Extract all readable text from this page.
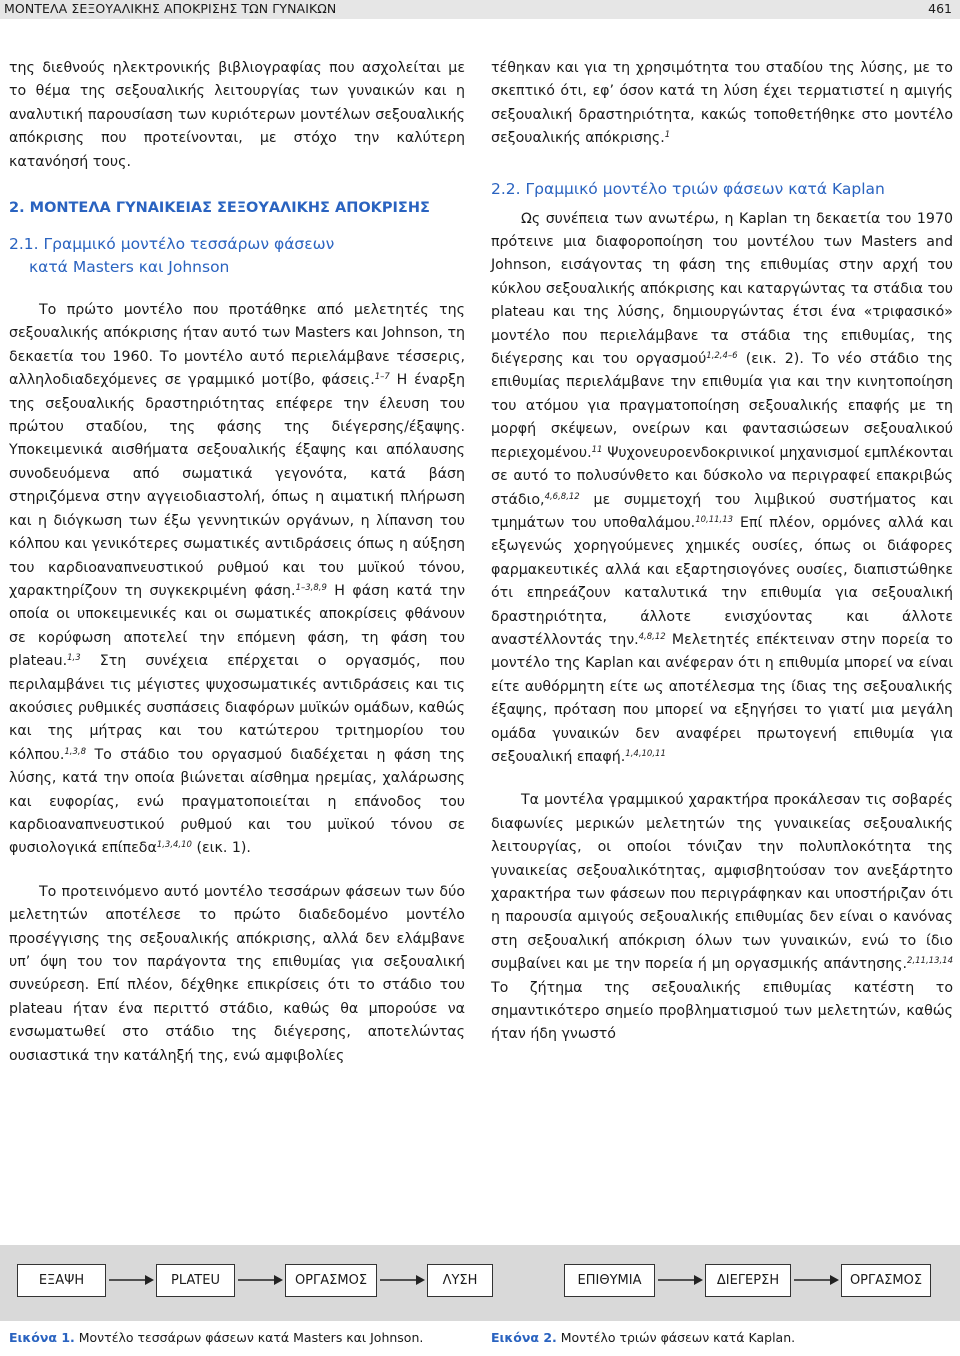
ΜΟΝΤΕΛΑ ΣΕΞΟΥΑΛΙΚΗΣ ΑΠΟΚΡΙΣΗΣ ΤΩΝ ΓΥΝΑΙΚΩΝ	461

της διεθνούς ηλεκτρονικής βιβλιογραφίας που ασχολείται με το θέμα της σεξουαλικής λειτουργίας των γυναικών και η αναλυτική παρουσίαση των κυριότερων μοντέλων σεξουαλικής απόκρισης που προτείνονται, με στόχο την καλύτερη κατανόησή τους.

2. ΜΟΝΤΕΛΑ ΓΥΝΑΙΚΕΙΑΣ ΣΕΞΟΥΑΛΙΚΗΣ ΑΠΟΚΡΙΣΗΣ

2.1. Γραμμικό μοντέλο τεσσάρων φάσεων
κατά Masters και Johnson

Το πρώτο μοντέλο που προτάθηκε από μελετητές της σεξουαλικής απόκρισης ήταν αυτό των Masters και Johnson, τη δεκαετία του 1960. Το μοντέλο αυτό περιελάμβανε τέσσερις, αλληλοδιαδεχόμενες σε γραμμικό μοτίβο, φάσεις.$^{1-7}$ Η έναρξη της σεξουαλικής δραστηριότητας επέφερε την έλευση του πρώτου σταδίου, της φάσης της διέγερσης/έξαψης. Υποκειμενικά αισθήματα σεξουαλικής έξαψης και απόλαυσης συνοδευόμενα από σωματικά γεγονότα, κατά βάση στηριζόμενα στην αγγειοδιαστολή, όπως η αιματική πλήρωση και η διόγκωση των έξω γεννητικών οργάνων, η λίπανση του κόλπου και γενικότερες σωματικές αντιδράσεις όπως η αύξηση του καρδιοαναπνευστικού ρυθμού και του μυϊκού τόνου, χαρακτηρίζουν τη συγκεκριμένη φάση.$^{1-3,8,9}$ Η φάση κατά την οποία οι υποκειμενικές και οι σωματικές αποκρίσεις φθάνουν σε κορύφωση αποτελεί την επόμενη φάση, τη φάση του plateau.$^{1,3}$ Στη συνέχεια επέρχεται ο οργασμός, που περιλαμβάνει τις μέγιστες ψυχοσωματικές αντιδράσεις και τις ακούσιες ρυθμικές συσπάσεις διαφόρων μυϊκών ομάδων, καθώς και της μήτρας και του κατώτερου τριτημορίου του κόλπου.$^{1,3,8}$ Το στάδιο του οργασμού διαδέχεται η φάση της λύσης, κατά την οποία βιώνεται αίσθημα ηρεμίας, χαλάρωσης και ευφορίας, ενώ πραγματοποιείται η επάνοδος του καρδιοαναπνευστικού ρυθμού και του μυϊκού τόνου σε φυσιολογικά επίπεδα$^{1,3,4,10}$ (εικ. 1).

Το προτεινόμενο αυτό μοντέλο τεσσάρων φάσεων των δύο μελετητών αποτέλεσε το πρώτο διαδεδομένο μοντέλο προσέγγισης της σεξουαλικής απόκρισης, αλλά δεν ελάμβανε υπ’ όψη του τον παράγοντα της επιθυμίας για σεξουαλική συνεύρεση. Επί πλέον, δέχθηκε επικρίσεις ότι το στάδιο του plateau ήταν ένα περιττό στάδιο, καθώς θα μπορούσε να ενσωματωθεί στο στάδιο της διέγερσης, αποτελώντας ουσιαστικά την κατάληξή της, ενώ αμφιβολίες

τέθηκαν και για τη χρησιμότητα του σταδίου της λύσης, με το σκεπτικό ότι, εφ’ όσον κατά τη λύση έχει τερματιστεί η αμιγής σεξουαλική δραστηριότητα, κακώς τοποθετήθηκε στο μοντέλο σεξουαλικής απόκρισης.$^1$

2.2. Γραμμικό μοντέλο τριών φάσεων κατά Kaplan

Ως συνέπεια των ανωτέρω, η Kaplan τη δεκαετία του 1970 πρότεινε μια διαφοροποίηση του μοντέλου των Masters and Johnson, εισάγοντας τη φάση της επιθυμίας στην αρχή του κύκλου σεξουαλικής απόκρισης και καταργώντας τα στάδια του plateau και της λύσης, δημιουργώντας έτσι ένα «τριφασικό» μοντέλο που περιελάμβανε τα στάδια της επιθυμίας, της διέγερσης και του οργασμού$^{1,2,4-6}$ (εικ. 2). Το νέο στάδιο της επιθυμίας περιελάμβανε την επιθυμία για και την κινητοποίηση του ατόμου για πραγματοποίηση σεξουαλικής επαφής με τη μορφή σκέψεων, ονείρων και φαντασιώσεων σεξουαλικού περιεχομένου.$^{11}$ Ψυχονευροενδοκρινικοί μηχανισμοί εμπλέκονται σε αυτό το πολυσύνθετο και δύσκολο να περιγραφεί επακριβώς στάδιο,$^{4,6,8,12}$ με συμμετοχή του λιμβικού συστήματος και τμημάτων του υποθαλάμου.$^{10,11,13}$ Επί πλέον, ορμόνες αλλά και εξωγενώς χορηγούμενες χημικές ουσίες, όπως οι διάφορες φαρμακευτικές αλλά και εξαρτησιογόνες ουσίες, διαπιστώθηκε ότι επηρεάζουν καταλυτικά την επιθυμία για σεξουαλική δραστηριότητα, άλλοτε ενισχύοντας και άλλοτε αναστέλλοντάς την.$^{4,8,12}$ Μελετητές επέκτειναν στην πορεία το μοντέλο της Kaplan και ανέφεραν ότι η επιθυμία μπορεί να είναι είτε αυθόρμητη είτε ως αποτέλεσμα της ίδιας της σεξουαλικής έξαψης, πρόταση που μπορεί να εξηγήσει το γιατί μια μεγάλη ομάδα γυναικών δεν αναφέρει πρωτογενή επιθυμία για σεξουαλική επαφή.$^{1,4,10,11}$

Τα μοντέλα γραμμικού χαρακτήρα προκάλεσαν τις σοβαρές διαφωνίες μερικών μελετητών της γυναικείας σεξουαλικής λειτουργίας, οι οποίοι τόνιζαν την πολυπλοκότητα της γυναικείας σεξουαλικότητας, αμφισβητούσαν τον ανεξάρτητο χαρακτήρα των φάσεων που περιγράφηκαν και υποστήριζαν ότι η παρουσία αμιγούς σεξουαλικής επιθυμίας δεν είναι ο κανόνας στη σεξουαλική απόκριση όλων των γυναικών, ενώ το ίδιο συμβαίνει και με την πορεία ή μη οργασμικής απάντησης.$^{2,11,13,14}$ Το ζήτημα της σεξουαλικής επιθυμίας κατέστη το σημαντικότερο σημείο προβληματισμού των μελετητών, καθώς ήταν ήδη γνωστό

ΕΞΑΨΗ	PLATEU	ΟΡΓΑΣΜΟΣ	ΛΥΣΗ	ΕΠΙΘΥΜΙΑ	ΔΙΕΓΕΡΣΗ	ΟΡΓΑΣΜΟΣ
Εικόνα 1. Μοντέλο τεσσάρων φάσεων κατά Masters και Johnson.	Εικόνα 2. Μοντέλο τριών φάσεων κατά Kaplan.
